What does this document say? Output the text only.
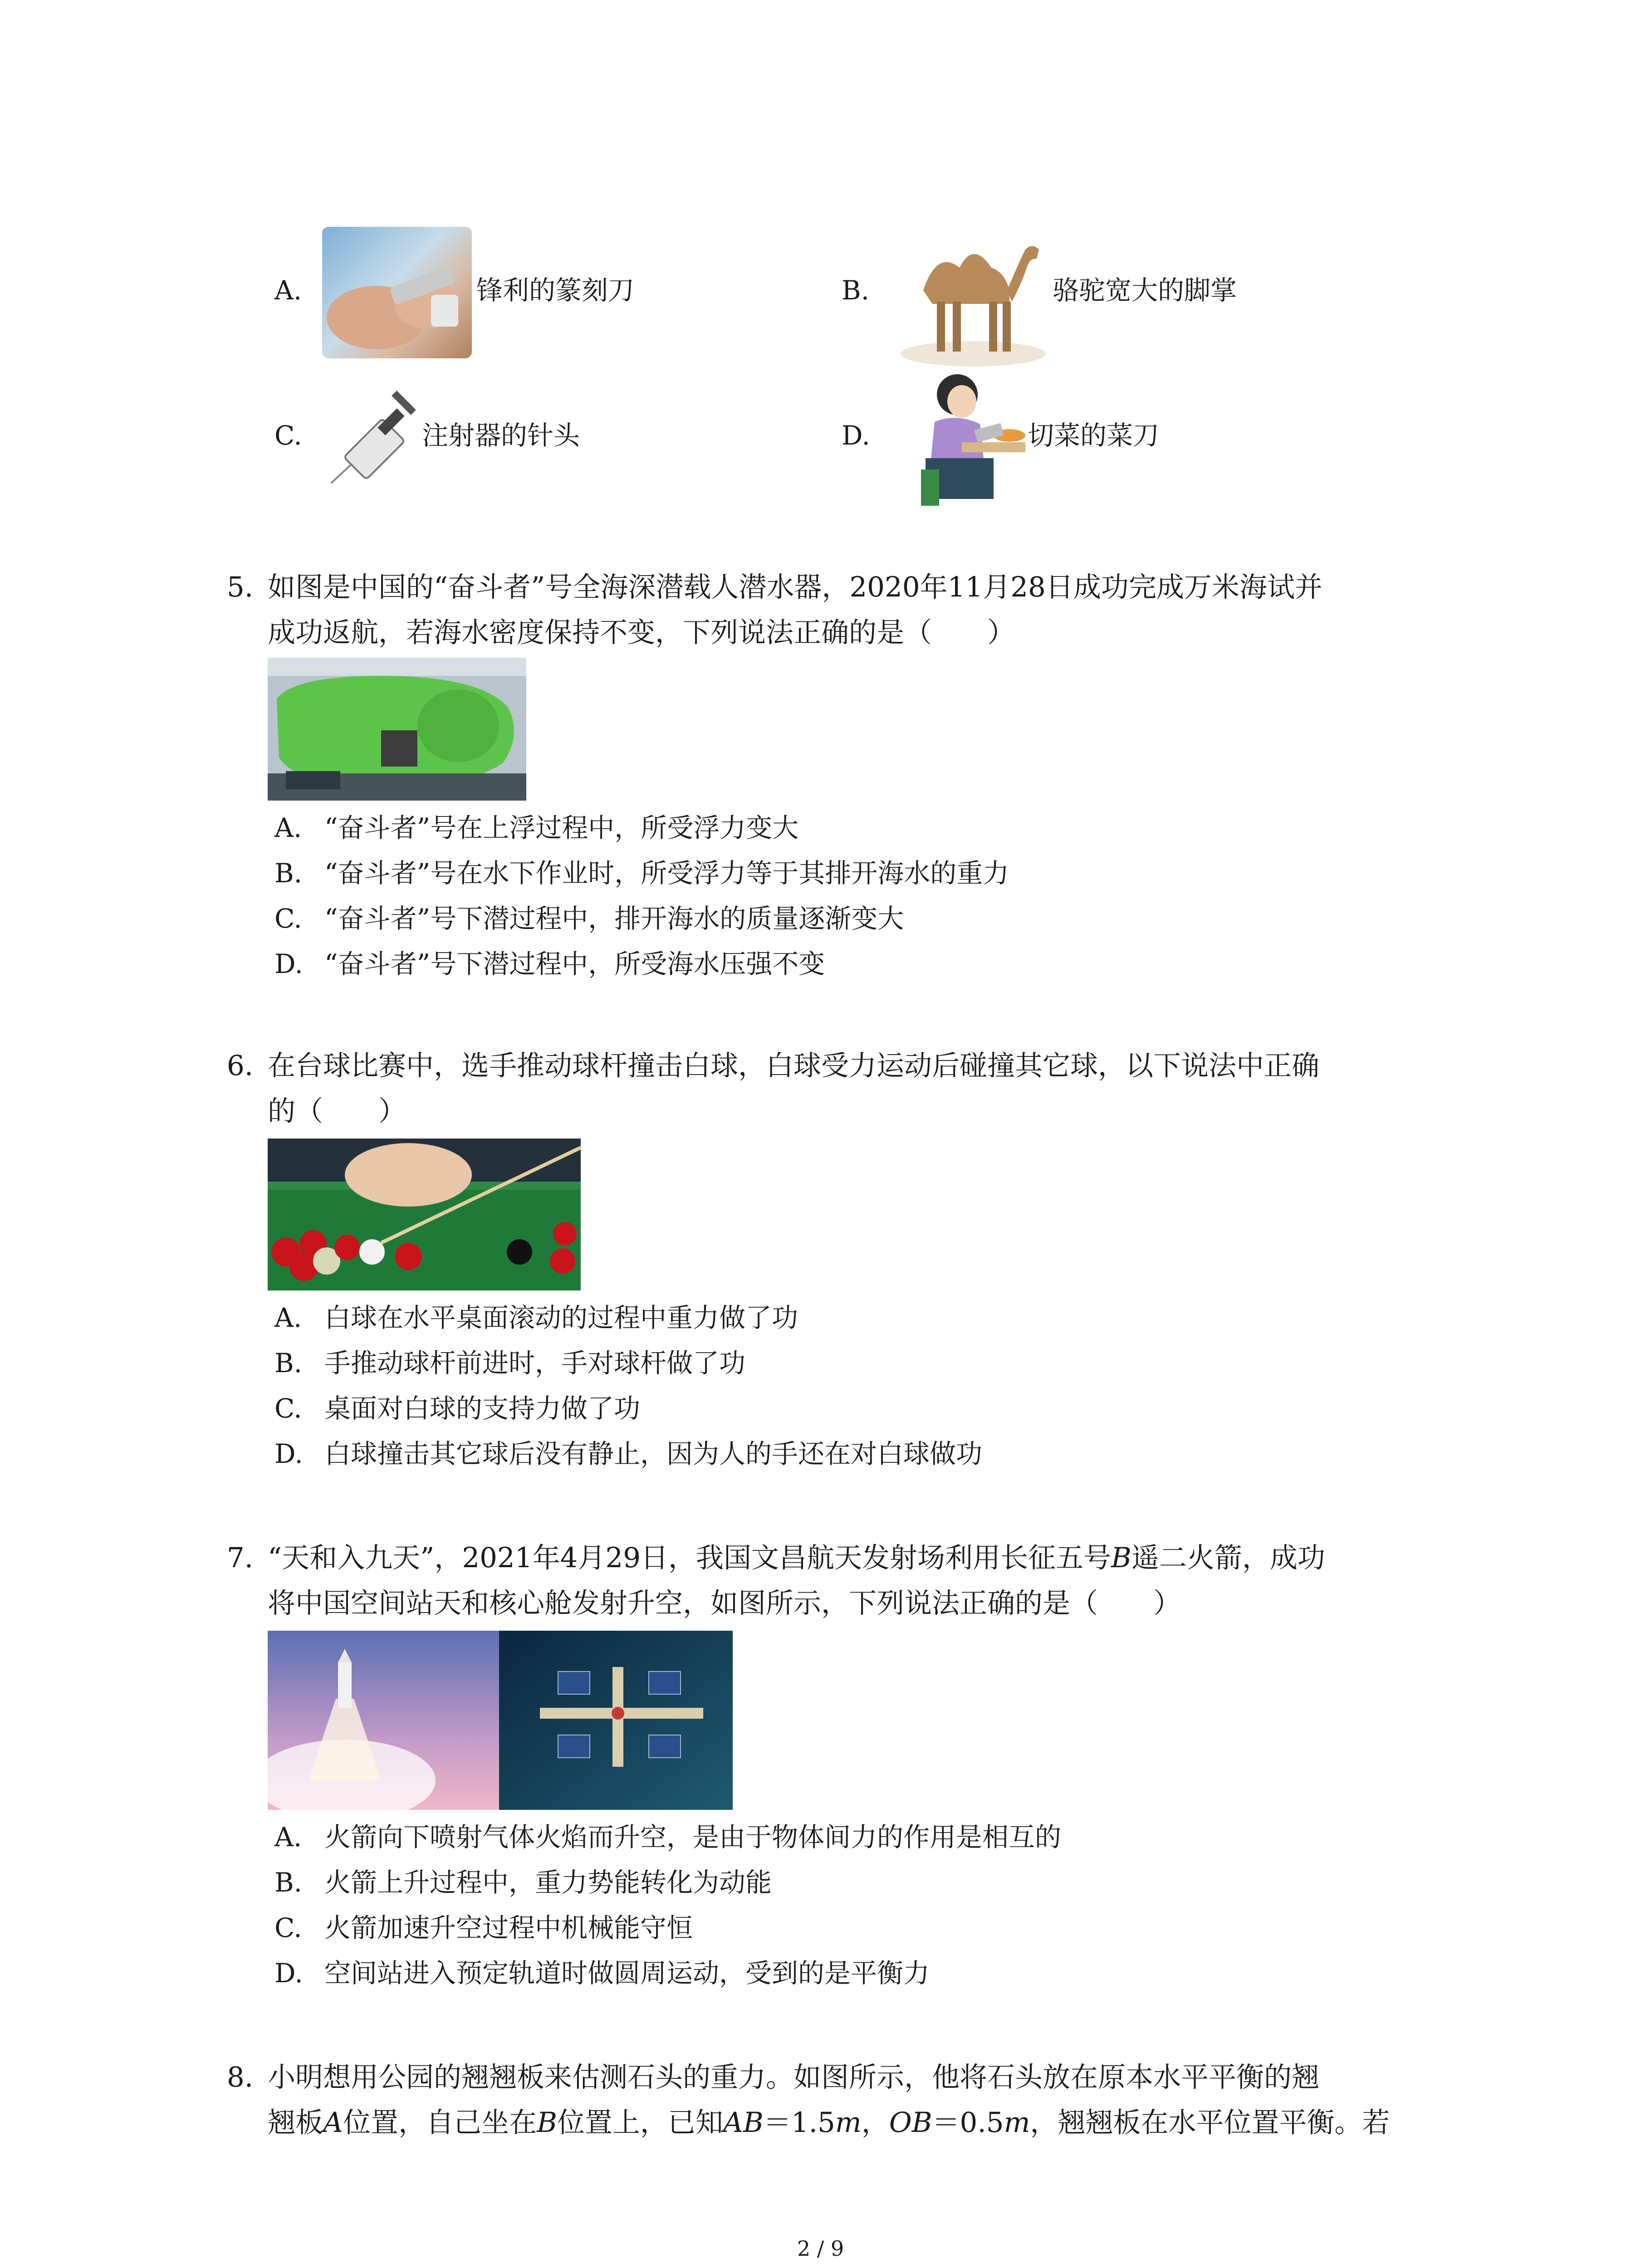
A.	锋利的篆刻刀	B.	骆驼宽大的脚掌
C.	注射器的针头	D.	切菜的菜刀
5. 如图是中国的“奋斗者”号全海深潜载人潜水器，2020年11月28日成功完成万米海试并
成功返航，若海水密度保持不变，下列说法正确的是（　　）
A. “奋斗者”号在上浮过程中，所受浮力变大
B. “奋斗者”号在水下作业时，所受浮力等于其排开海水的重力
C. “奋斗者”号下潜过程中，排开海水的质量逐渐变大
D. “奋斗者”号下潜过程中，所受海水压强不变
6. 在台球比赛中，选手推动球杆撞击白球，白球受力运动后碰撞其它球，以下说法中正确
的（　　）
A. 白球在水平桌面滚动的过程中重力做了功
B. 手推动球杆前进时，手对球杆做了功
C. 桌面对白球的支持力做了功
D. 白球撞击其它球后没有静止，因为人的手还在对白球做功
7. “天和入九天”，2021年4月29日，我国文昌航天发射场利用长征五号B遥二火箭，成功
将中国空间站天和核心舱发射升空，如图所示，下列说法正确的是（　　）
A. 火箭向下喷射气体火焰而升空，是由于物体间力的作用是相互的
B. 火箭上升过程中，重力势能转化为动能
C. 火箭加速升空过程中机械能守恒
D. 空间站进入预定轨道时做圆周运动，受到的是平衡力
8. 小明想用公园的翘翘板来估测石头的重力。如图所示，他将石头放在原本水平平衡的翘
翘板A位置，自己坐在B位置上，已知AB＝1.5m，OB＝0.5m，翘翘板在水平位置平衡。若
2 / 9
